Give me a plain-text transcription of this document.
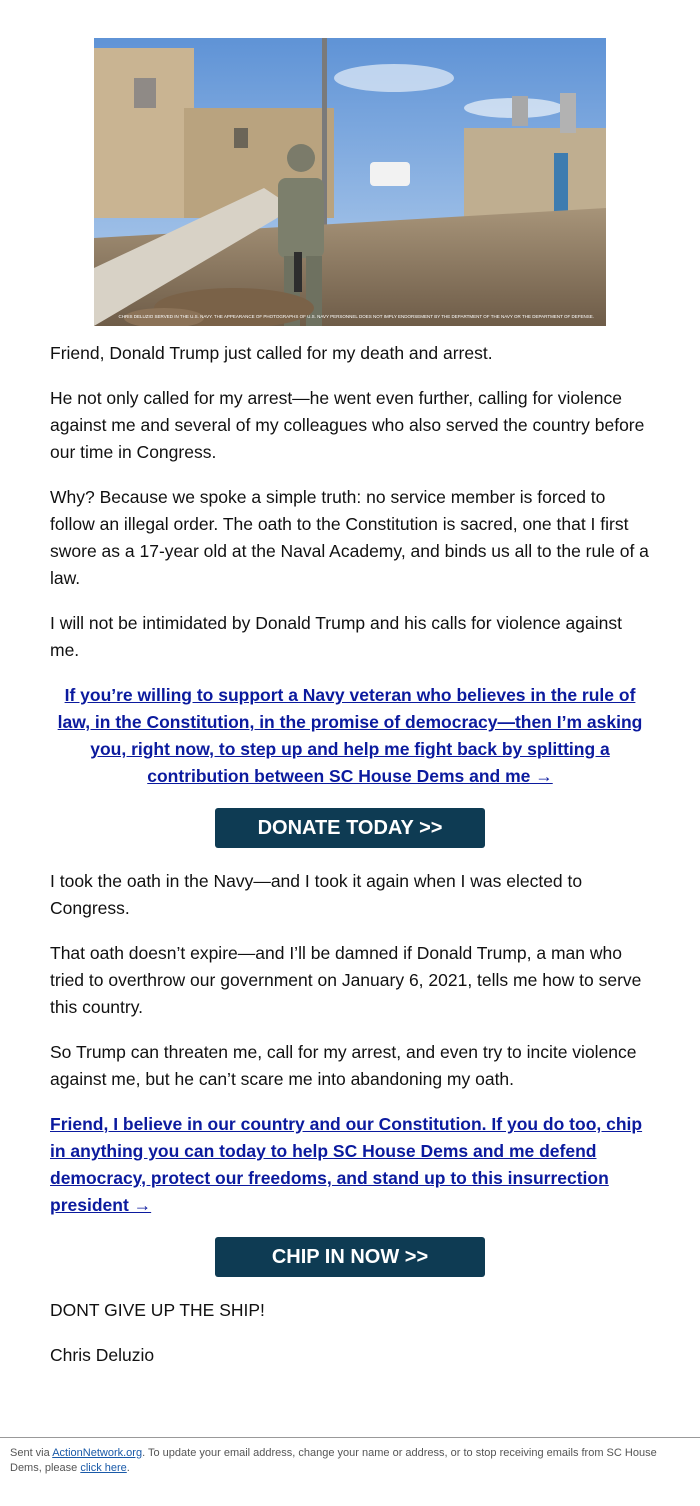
CHRIS DELUZIO SERVED IN THE U.S. NAVY. THE APPEARANCE OF PHOTOGRAPHS OF U.S. NAVY PERSONNEL DOES NOT IMPLY ENDORSEMENT BY THE DEPARTMENT OF THE NAVY OR THE DEPARTMENT OF DEFENSE.

Friend, Donald Trump just called for my death and arrest.

He not only called for my arrest—he went even further, calling for violence against me and several of my colleagues who also served the country before our time in Congress.

Why? Because we spoke a simple truth: no service member is forced to follow an illegal order. The oath to the Constitution is sacred, one that I first swore as a 17-year old at the Naval Academy, and binds us all to the rule of a law.

I will not be intimidated by Donald Trump and his calls for violence against me.

If you’re willing to support a Navy veteran who believes in the rule of law, in the Constitution, in the promise of democracy—then I’m asking you, right now, to step up and help me fight back by splitting a contribution between SC House Dems and me →
DONATE TODAY >>

I took the oath in the Navy—and I took it again when I was elected to Congress.

That oath doesn’t expire—and I’ll be damned if Donald Trump, a man who tried to overthrow our government on January 6, 2021, tells me how to serve this country.

So Trump can threaten me, call for my arrest, and even try to incite violence against me, but he can’t scare me into abandoning my oath.

Friend, I believe in our country and our Constitution. If you do too, chip in anything you can today to help SC House Dems and me defend democracy, protect our freedoms, and stand up to this insurrection president →
CHIP IN NOW >>

DONT GIVE UP THE SHIP!

Chris Deluzio

Sent via ActionNetwork.org. To update your email address, change your name or address, or to stop receiving emails from SC House Dems, please click here.
